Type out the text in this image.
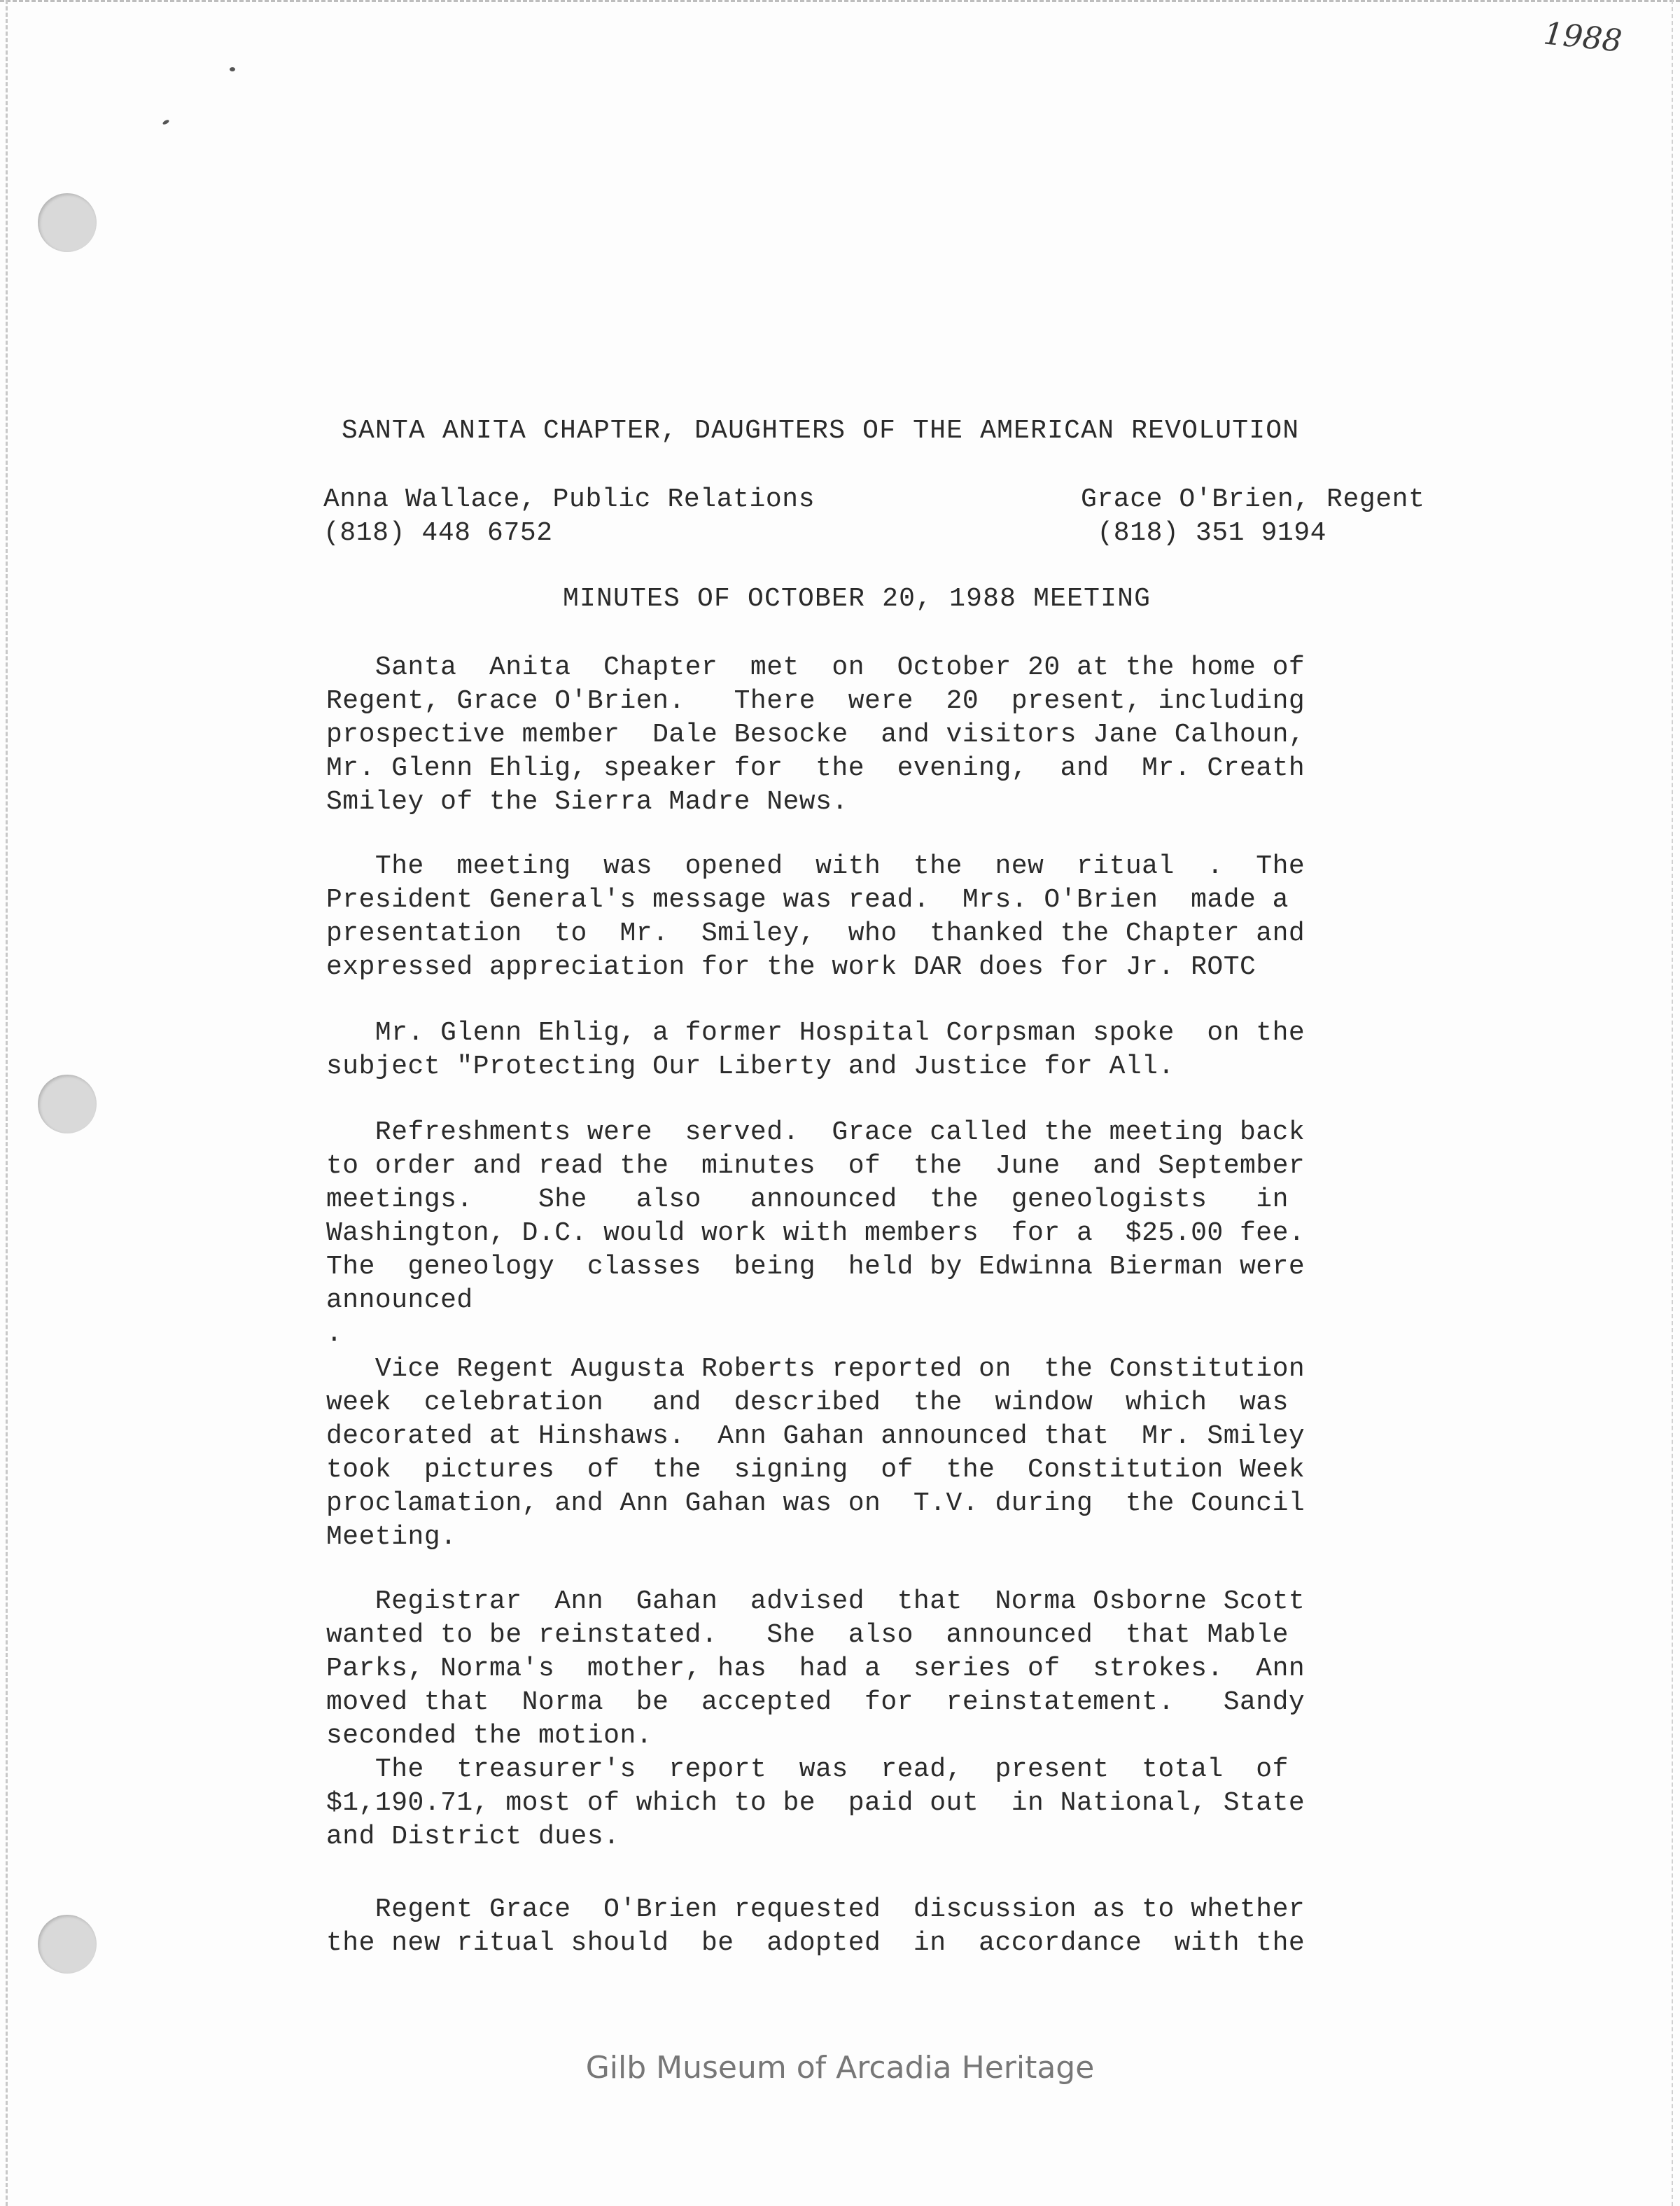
1988
SANTA ANITA CHAPTER, DAUGHTERS OF THE AMERICAN REVOLUTION
Anna Wallace, Public Relations
(818) 448 6752
Grace O'Brien, Regent
(818) 351 9194
MINUTES OF OCTOBER 20, 1988 MEETING

Santa  Anita  Chapter  met  on  October 20 at the home of
Regent, Grace O'Brien.   There  were  20  present, including
prospective member  Dale Besocke  and visitors Jane Calhoun,
Mr. Glenn Ehlig, speaker for  the  evening,  and  Mr. Creath
Smiley of the Sierra Madre News.

The  meeting  was  opened  with  the  new  ritual  .  The
President General's message was read.  Mrs. O'Brien  made a
presentation  to  Mr.  Smiley,  who  thanked the Chapter and
expressed appreciation for the work DAR does for Jr. ROTC

Mr. Glenn Ehlig, a former Hospital Corpsman spoke  on the
subject "Protecting Our Liberty and Justice for All.

Refreshments were  served.  Grace called the meeting back
to order and read the  minutes  of  the  June  and September
meetings.    She   also   announced  the  geneologists   in
Washington, D.C. would work with members  for a  $25.00 fee.
The  geneology  classes  being  held by Edwinna Bierman were
announced
.

Vice Regent Augusta Roberts reported on  the Constitution
week  celebration   and  described  the  window  which  was
decorated at Hinshaws.  Ann Gahan announced that  Mr. Smiley
took  pictures  of  the  signing  of  the  Constitution Week
proclamation, and Ann Gahan was on  T.V. during  the Council
Meeting.

Registrar  Ann  Gahan  advised  that  Norma Osborne Scott
wanted to be reinstated.   She  also  announced  that Mable
Parks, Norma's  mother, has  had a  series of  strokes.  Ann
moved that  Norma  be  accepted  for  reinstatement.   Sandy
seconded the motion.
The  treasurer's  report  was  read,  present  total  of
$1,190.71, most of which to be  paid out  in National, State
and District dues.

Regent Grace  O'Brien requested  discussion as to whether
the new ritual should  be  adopted  in  accordance  with the

Gilb Museum of Arcadia Heritage
